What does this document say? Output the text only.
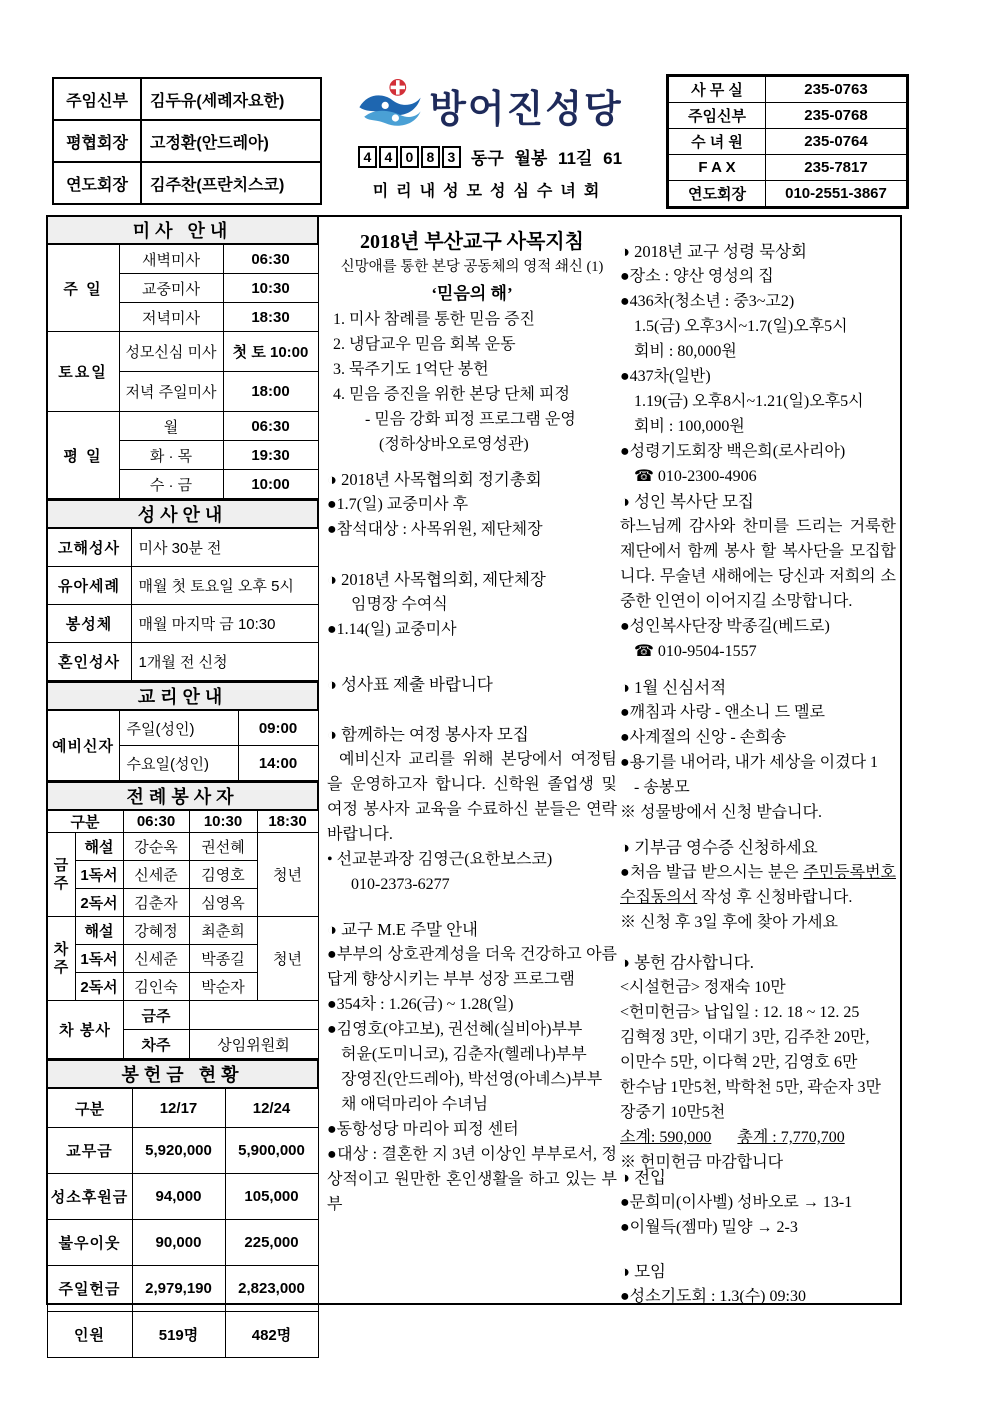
주임신부	김두유(세례자요한)
평협회장	고정환(안드레아)
연도회장	김주찬(프란치스코)
방어진성당
4 4 0 8 3 동구 월봉 11길 61
미리내성모성심수녀회
사 무 실	235-0763
주임신부	235-0768
수 녀 원	235-0764
F A X	235-7817
연도회장	010-2551-3867
미사 안내		
주 일	새벽미사	06:30
	교중미사	10:30
	저녁미사	18:30
토요일	성모신심 미사	첫 토 10:00
	저녁 주일미사	18:00
평 일	월	06:30
	화 · 목	19:30
	수 · 금	10:00
성사안내	
고해성사	미사 30분 전
유아세례	매월 첫 토요일 오후 5시
봉성체	매월 마지막 금 10:30
혼인성사	1개월 전 신청
교리안내		
예비신자	주일(성인)	09:00
	수요일(성인)	14:00
전례봉사자				
구분		06:30	10:30	18:30
금주	해설	강순옥	권선혜	청년
	1독서	신세준	김영호	
	2독서	김춘자	심영옥	
차주	해설	강혜정	최춘희	청년
	1독서	신세준	박종길	
	2독서	김인숙	박순자	
차 봉사		금주		
		차주	상임위원회	
봉헌금 현황		
구분	12/17	12/24
교무금	5,920,000	5,900,000
성소후원금	94,000	105,000
불우이웃	90,000	225,000
주일헌금	2,979,190	2,823,000
인원	519명	482명
2018년 부산교구 사목지침
신망애를 통한 본당 공동체의 영적 쇄신 (1)
‘믿음의 해’
1. 미사 참례를 통한 믿음 증진
2. 냉담교우 믿음 회복 운동
3. 묵주기도 1억단 봉헌
4. 믿음 증진을 위한 본당 단체 피정
- 믿음 강화 피정 프로그램 운영
(정하상바오로영성관)
◑ 2018년 사목협의회 정기총회
●1.7(일) 교중미사 후
●참석대상 : 사목위원, 제단체장
◑ 2018년 사목협의회, 제단체장
임명장 수여식
●1.14(일) 교중미사
◑ 성사표 제출 바랍니다
◑ 함께하는 여정 봉사자 모집
예비신자 교리를 위해 본당에서 여정팀을 운영하고자 합니다. 신학원 졸업생 및 여정 봉사자 교육을 수료하신 분들은 연락 바랍니다.
• 선교분과장 김영근(요한보스코)
010-2373-6277
◑ 교구 M.E 주말 안내
●부부의 상호관계성을 더욱 건강하고 아름답게 향상시키는 부부 성장 프로그램
●354차 : 1.26(금) ~ 1.28(일)
●김영호(야고보), 권선혜(실비아)부부
허윤(도미니코), 김춘자(헬레나)부부
장영진(안드레아), 박선영(아녜스)부부
채 애덕마리아 수녀님
●동항성당 마리아 피정 센터
●대상 : 결혼한 지 3년 이상인 부부로서, 정상적이고 원만한 혼인생활을 하고 있는 부부
◑ 2018년 교구 성령 묵상회
●장소 : 양산 영성의 집
●436차(청소년 : 중3~고2)
1.5(금) 오후3시~1.7(일)오후5시
회비 : 80,000원
●437차(일반)
1.19(금) 오후8시~1.21(일)오후5시
회비 : 100,000원
●성령기도회장 백은희(로사리아)
☎ 010-2300-4906
◑ 성인 복사단 모집
하느님께 감사와 찬미를 드리는 거룩한 제단에서 함께 봉사 할 복사단을 모집합니다. 무술년 새해에는 당신과 저희의 소중한 인연이 이어지길 소망합니다.
●성인복사단장 박종길(베드로)
☎ 010-9504-1557
◑ 1월 신심서적
●깨침과 사랑 - 앤소니 드 멜로
●사계절의 신앙 - 손희송
●용기를 내어라, 내가 세상을 이겼다 1
- 송봉모
※ 성물방에서 신청 받습니다.
◑ 기부금 영수증 신청하세요
●처음 발급 받으시는 분은 주민등록번호 수집동의서 작성 후 신청바랍니다.
※ 신청 후 3일 후에 찾아 가세요
◑ 봉헌 감사합니다.
<시설헌금> 정재숙 10만
<헌미헌금> 납입일 : 12. 18 ~ 12. 25
김혁정 3만, 이대기 3만, 김주찬 20만,
이만수 5만, 이다혁 2만, 김영호 6만
한수남 1만5천, 박학천 5만, 곽순자 3만
장중기 10만5천
소계: 590,000 총계 : 7,770,700
※ 헌미헌금 마감합니다
◑ 전입
●문희미(이사벨) 성바오로 → 13-1
●이월득(젬마) 밀양 → 2-3
◑ 모임
●성소기도회 : 1.3(수) 09:30
